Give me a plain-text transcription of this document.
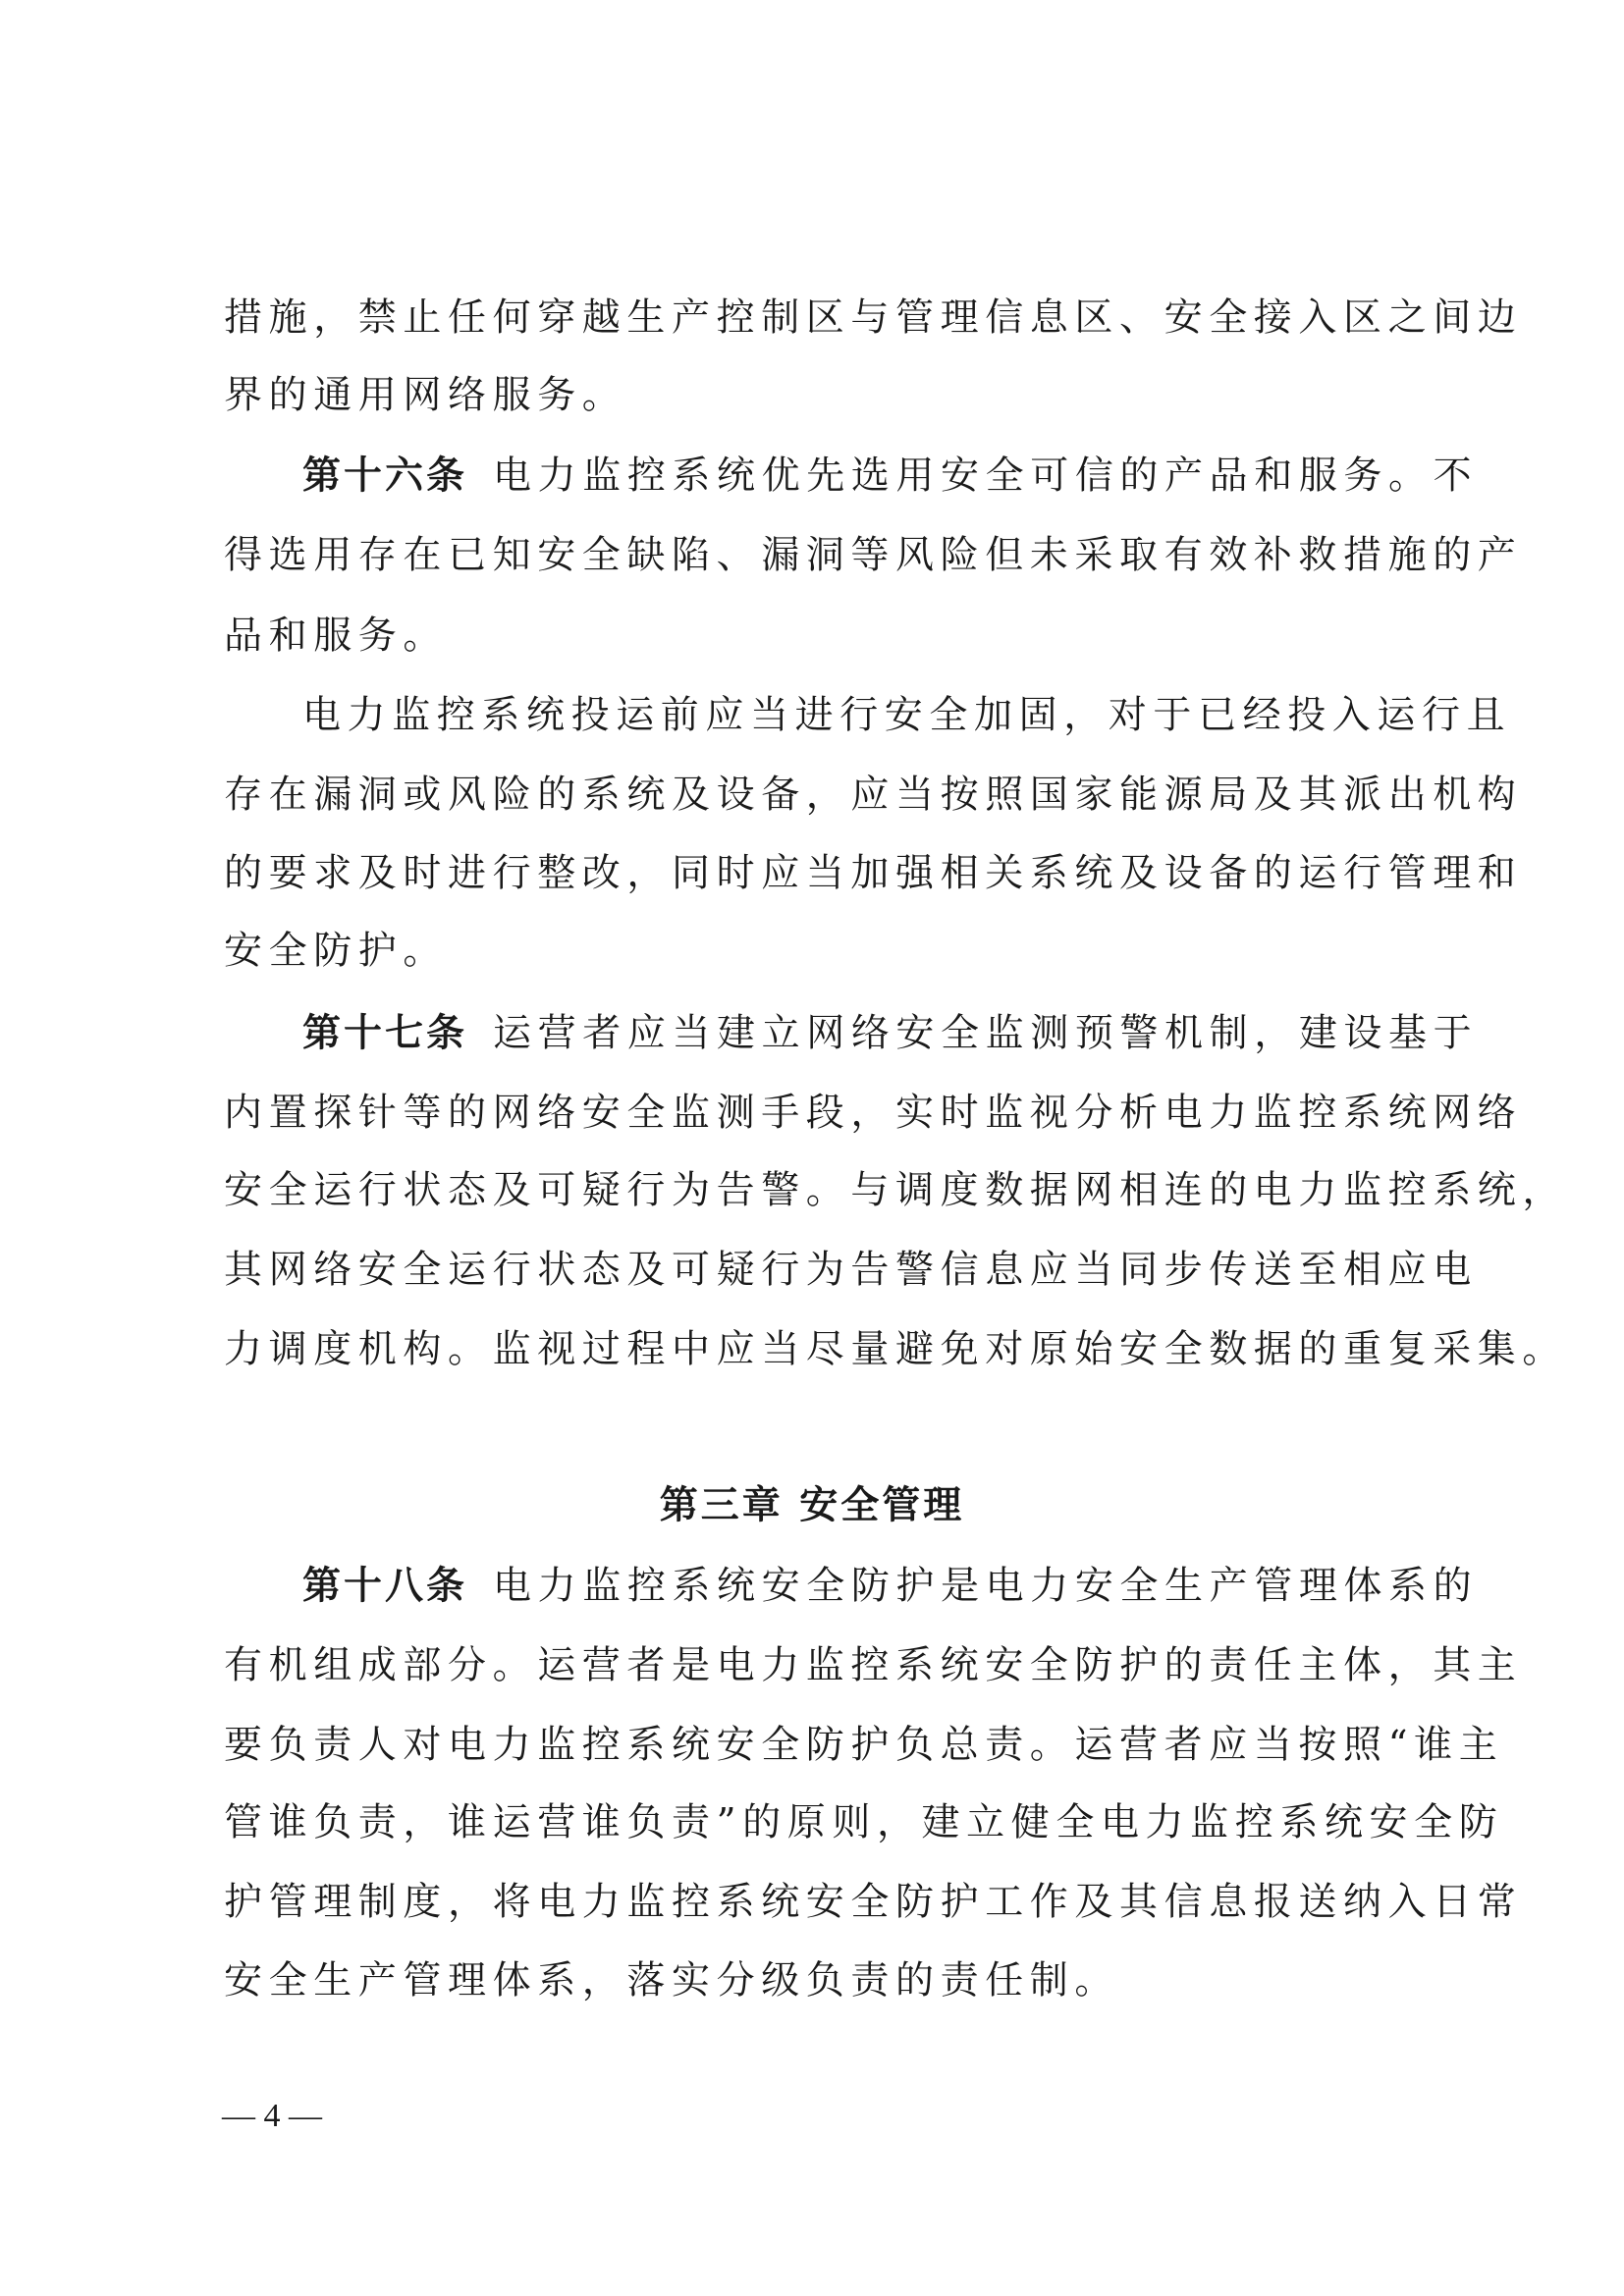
措施，禁止任何穿越生产控制区与管理信息区、安全接入区之间边
界的通用网络服务。
第十六条 电力监控系统优先选用安全可信的产品和服务。不
得选用存在已知安全缺陷、漏洞等风险但未采取有效补救措施的产
品和服务。
电力监控系统投运前应当进行安全加固，对于已经投入运行且
存在漏洞或风险的系统及设备，应当按照国家能源局及其派出机构
的要求及时进行整改，同时应当加强相关系统及设备的运行管理和
安全防护。
第十七条 运营者应当建立网络安全监测预警机制，建设基于
内置探针等的网络安全监测手段，实时监视分析电力监控系统网络
安全运行状态及可疑行为告警。与调度数据网相连的电力监控系统，
其网络安全运行状态及可疑行为告警信息应当同步传送至相应电
力调度机构。监视过程中应当尽量避免对原始安全数据的重复采集。
第三章 安全管理
第十八条 电力监控系统安全防护是电力安全生产管理体系的
有机组成部分。运营者是电力监控系统安全防护的责任主体，其主
要负责人对电力监控系统安全防护负总责。运营者应当按照“谁主
管谁负责，谁运营谁负责”的原则，建立健全电力监控系统安全防
护管理制度，将电力监控系统安全防护工作及其信息报送纳入日常
安全生产管理体系，落实分级负责的责任制。
— 4 —
